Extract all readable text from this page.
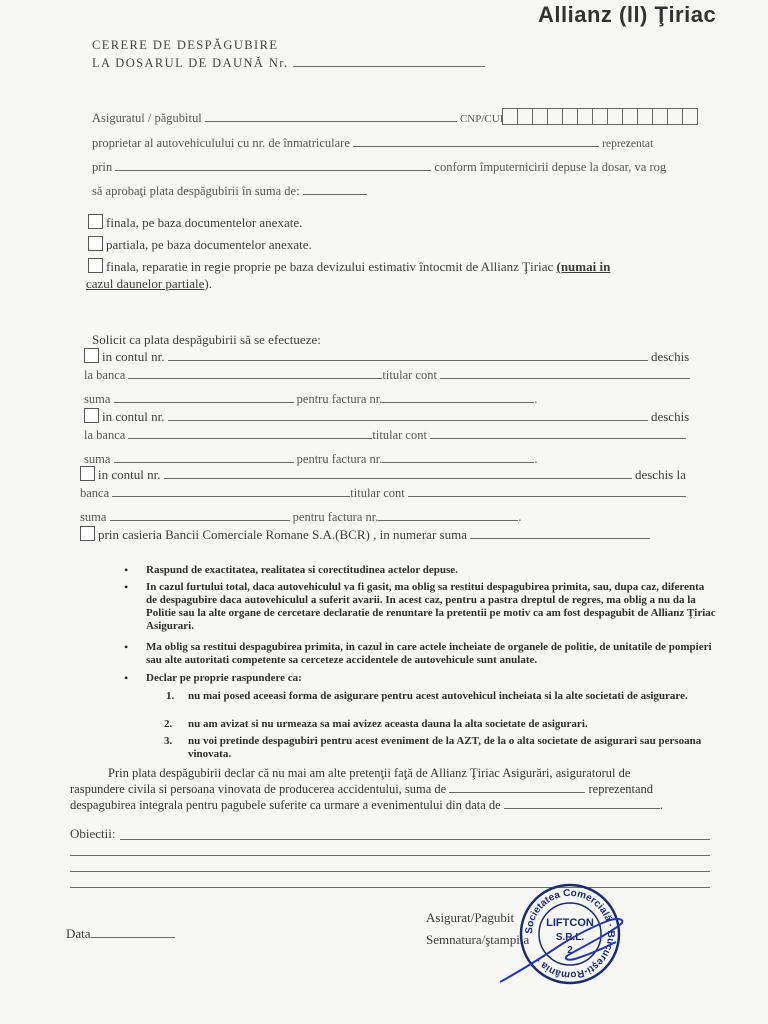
Allianz (ll) Ţiriac
CERERE DE DESPĂGUBIRE
LA DOSARUL DE DAUNĂ Nr.
Asiguratul / păgubitul	CNP/CUI
proprietar al autovehiculului cu nr. de înmatriculare	reprezentat
prin	conform împuternicirii depuse la dosar, va rog
să aprobaţi plata despăgubirii în suma de:
finala, pe baza documentelor anexate.
partiala, pe baza documentelor anexate.
finala, reparatie in regie proprie pe baza devizului estimativ întocmit de Allianz Ţiriac (numai in
cazul daunelor partiale).
Solicit ca plata despăgubirii să se efectueze:
in contul nr.	deschis
la banca	titular cont
suma	pentru factura nr.	.
in contul nr.	deschis
la banca	titular cont
suma	pentru factura nr.	.
in contul nr.	deschis la
banca	titular cont
suma	pentru factura nr.	.
prin casieria Bancii Comerciale Romane S.A.(BCR) , in numerar suma
• Raspund de exactitatea, realitatea si corectitudinea actelor depuse.
• In cazul furtului total, daca autovehiculul va fi gasit, ma oblig sa restitui despagubirea primita, sau, dupa caz, diferenta de despagubire daca autovehiculul a suferit avarii. In acest caz, pentru a pastra dreptul de regres, ma oblig a nu da la Politie sau la alte organe de cercetare declaratie de renuntare la pretentii pe motiv ca am fost despagubit de Allianz Ţiriac Asigurari.
• Ma oblig sa restitui despagubirea primita, in cazul in care actele incheiate de organele de politie, de unitatile de pompieri sau alte autoritati competente sa cerceteze accidentele de autovehicule sunt anulate.
• Declar pe proprie raspundere ca:
1. nu mai posed aceeasi forma de asigurare pentru acest autovehicul incheiata si la alte societati de asigurare.
2. nu am avizat si nu urmeaza sa mai avizez aceasta dauna la alta societate de asigurari.
3. nu voi pretinde despagubiri pentru acest eveniment de la AZT, de la o alta societate de asigurari sau persoana vinovata.
Prin plata despăgubirii declar că nu mai am alte pretenţii faţă de Allianz Ţiriac Asigurări, asiguratorul de
raspundere civila si persoana vinovata de producerea accidentului, suma de	reprezentand
despagubirea integrala pentru pagubele suferite ca urmare a evenimentului din data de	.
Obiectii:
Data
Asigurat/Pagubit
Semnatura/ştampila
Societatea Comercială · Bucureşti-România ·
LIFTCON
S.R.L.
2
